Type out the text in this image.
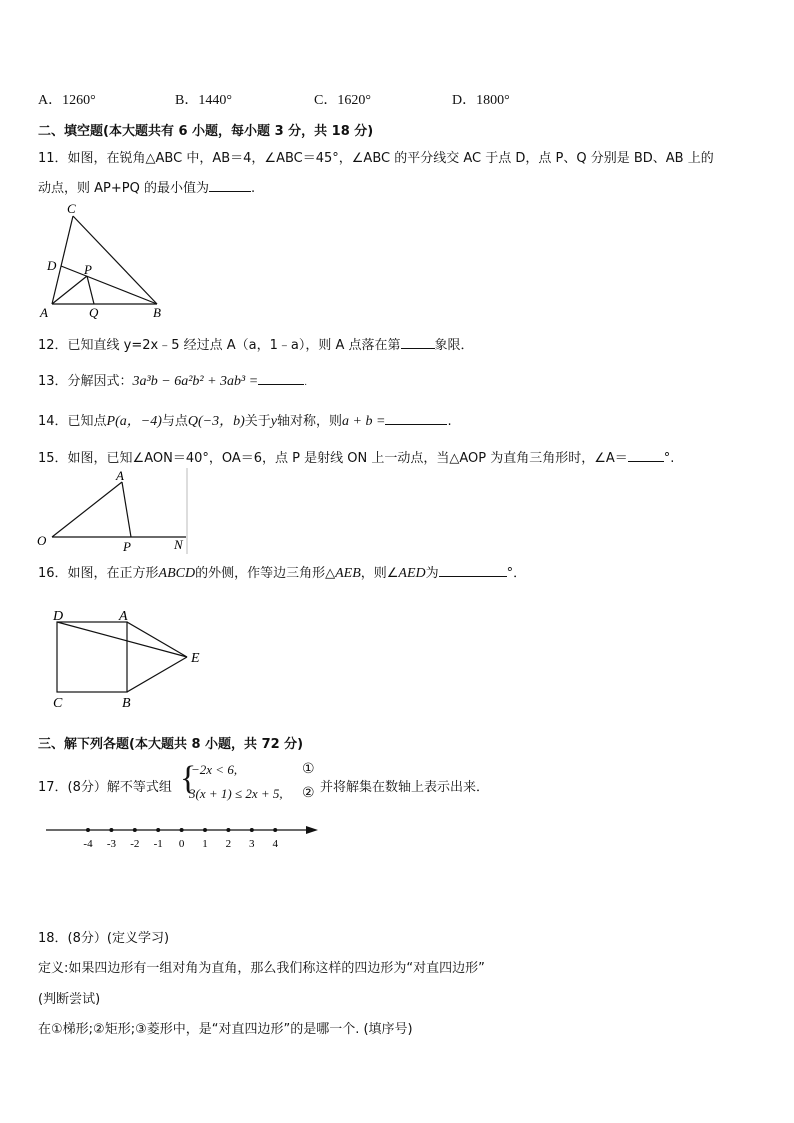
A．1260°	B．1440°	C．1620°	D．1800°
二、填空题(本大题共有 6 小题，每小题 3 分，共 18 分)
11．如图，在锐角△ABC 中，AB＝4，∠ABC＝45°，∠ABC 的平分线交 AC 于点 D，点 P、Q 分别是 BD、AB 上的
动点，则 AP+PQ 的最小值为	.
C
D P
A	Q	B
12．已知直线 y=2x﹣5 经过点 A（a，1﹣a），则 A 点落在第	象限．
13．分解因式：3a³b − 6a²b² + 3ab³ =	.
14．已知点P(a，−4)与点Q(−3，b)关于y轴对称，则a + b =	.
15．如图，已知∠AON＝40°，OA＝6，点 P 是射线 ON 上一动点，当△AOP 为直角三角形时，∠A＝	°.
A
O	P	N
16．如图，在正方形ABCD的外侧，作等边三角形△AEB，则∠AED为	°．
D	A
E
C	B
三、解下列各题(本大题共 8 小题，共 72 分)
17．(8分）解不等式组 {
−2x < 6,
3(x + 1) ≤ 2x + 5,
①
② 并将解集在数轴上表示出来．
-4 -3 -2 -1 0 1 2 3 4
18．(8分）(定义学习)
定义:如果四边形有一组对角为直角，那么我们称这样的四边形为“对直四边形”
(判断尝试)
在①梯形;②矩形;③菱形中，是“对直四边形”的是哪一个. (填序号)
